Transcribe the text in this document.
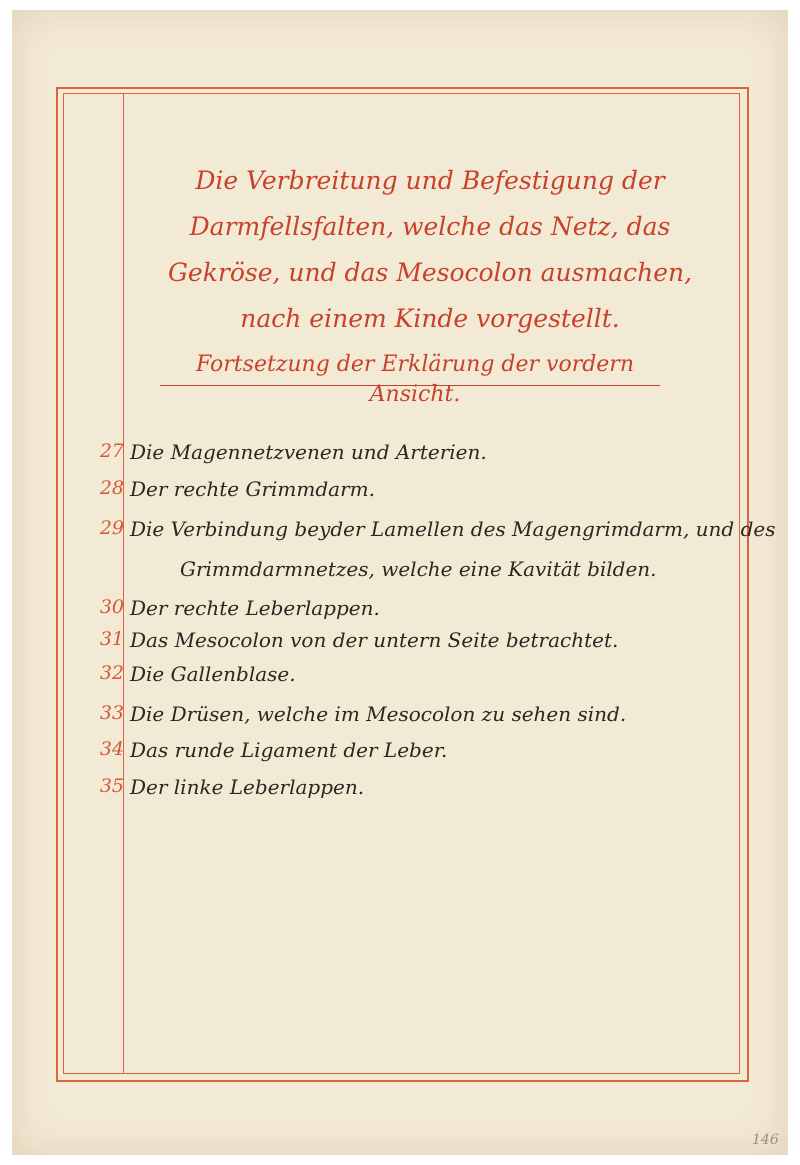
Die Verbreitung und Befestigung der Darmfellsfalten, welche das Netz, das Gekröse, und das Mesocolon ausmachen, nach einem Kinde vorgestellt.
Fortsetzung der Erklärung der vordern Ansicht.
27 Die Magennetzvenen und Arterien.
28 Der rechte Grimmdarm.
29 Die Verbindung beyder Lamellen des Magengrimdarm, und des
Grimmdarmnetzes, welche eine Kavität bilden.
30 Der rechte Leberlappen.
31 Das Mesocolon von der untern Seite betrachtet.
32 Die Gallenblase.
33 Die Drüsen, welche im Mesocolon zu sehen sind.
34 Das runde Ligament der Leber.
35 Der linke Leberlappen.
146
